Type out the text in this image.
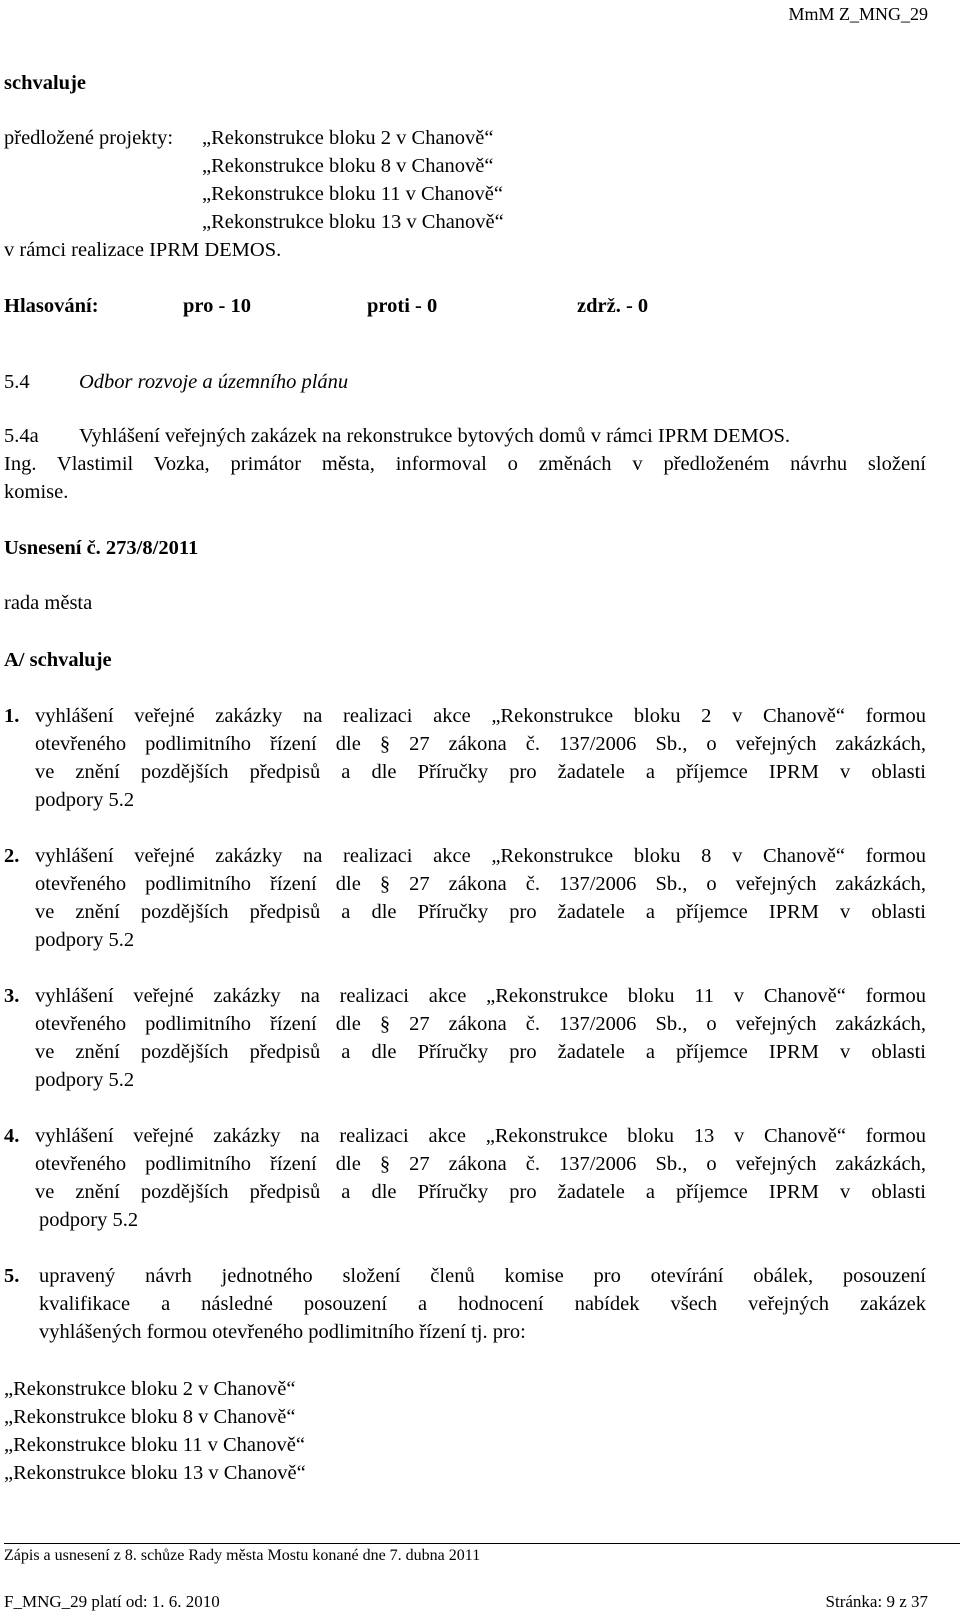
MmM Z_MNG_29
schvaluje
předložené projekty: „Rekonstrukce bloku 2 v Chanově“
„Rekonstrukce bloku 8 v Chanově“
„Rekonstrukce bloku 11 v Chanově“
„Rekonstrukce bloku 13 v Chanově“
v rámci realizace IPRM DEMOS.
Hlasování:	pro - 10	proti - 0	zdrž. - 0
5.4 Odbor rozvoje a územního plánu
5.4a Vyhlášení veřejných zakázek na rekonstrukce bytových domů v rámci IPRM DEMOS.
Ing. Vlastimil Vozka, primátor města, informoval o změnách v předloženém návrhu složení
komise.
Usnesení č. 273/8/2011
rada města
A/ schvaluje
1. vyhlášení veřejné zakázky na realizaci akce „Rekonstrukce bloku 2 v Chanově“ formou
otevřeného podlimitního řízení dle § 27 zákona č. 137/2006 Sb., o veřejných zakázkách,
ve znění pozdějších předpisů a dle Příručky pro žadatele a příjemce IPRM v oblasti
podpory 5.2
2. vyhlášení veřejné zakázky na realizaci akce „Rekonstrukce bloku 8 v Chanově“ formou
otevřeného podlimitního řízení dle § 27 zákona č. 137/2006 Sb., o veřejných zakázkách,
ve znění pozdějších předpisů a dle Příručky pro žadatele a příjemce IPRM v oblasti
podpory 5.2
3. vyhlášení veřejné zakázky na realizaci akce „Rekonstrukce bloku 11 v Chanově“ formou
otevřeného podlimitního řízení dle § 27 zákona č. 137/2006 Sb., o veřejných zakázkách,
ve znění pozdějších předpisů a dle Příručky pro žadatele a příjemce IPRM v oblasti
podpory 5.2
4. vyhlášení veřejné zakázky na realizaci akce „Rekonstrukce bloku 13 v Chanově“ formou
otevřeného podlimitního řízení dle § 27 zákona č. 137/2006 Sb., o veřejných zakázkách,
ve znění pozdějších předpisů a dle Příručky pro žadatele a příjemce IPRM v oblasti
podpory 5.2
5. upravený návrh jednotného složení členů komise pro otevírání obálek, posouzení
kvalifikace a následné posouzení a hodnocení nabídek všech veřejných zakázek
vyhlášených formou otevřeného podlimitního řízení tj. pro:
„Rekonstrukce bloku 2 v Chanově“
„Rekonstrukce bloku 8 v Chanově“
„Rekonstrukce bloku 11 v Chanově“
„Rekonstrukce bloku 13 v Chanově“
Zápis a usnesení z 8. schůze Rady města Mostu konané dne 7. dubna 2011
F_MNG_29 platí od: 1. 6. 2010	Stránka: 9 z 37
